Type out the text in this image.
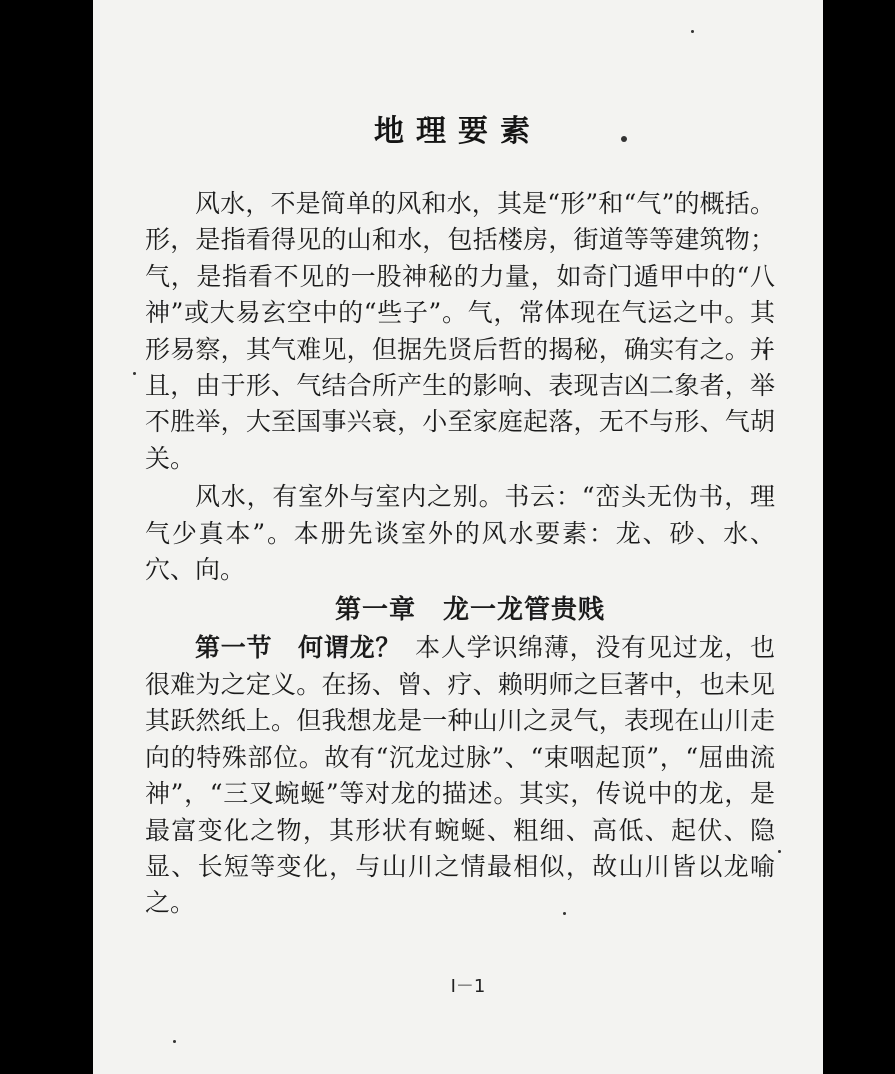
地理要素

风水，不是简单的风和水，其是“形”和“气”的概括。形，是指看得见的山和水，包括楼房，街道等等建筑物；气，是指看不见的一股神秘的力量，如奇门遁甲中的“八神”或大易玄空中的“些子”。气，常体现在气运之中。其形易察，其气难见，但据先贤后哲的揭秘，确实有之。并且，由于形、气结合所产生的影响、表现吉凶二象者，举不胜举，大至国事兴衰，小至家庭起落，无不与形、气胡关。

风水，有室外与室内之别。书云：“峦头无伪书，理气少真本”。本册先谈室外的风水要素：龙、砂、水、穴、向。

第一章　龙一龙管贵贱

第一节　何谓龙？ 本人学识绵薄，没有见过龙，也很难为之定义。在扬、曾、疗、赖明师之巨著中，也未见其跃然纸上。但我想龙是一种山川之灵气，表现在山川走向的特殊部位。故有“沉龙过脉”、“束咽起顶”，“屈曲流神”，“三叉蜿蜒”等对龙的描述。其实，传说中的龙，是最富变化之物，其形状有蜿蜒、粗细、高低、起伏、隐显、长短等变化，与山川之情最相似，故山川皆以龙喻之。

I－1
